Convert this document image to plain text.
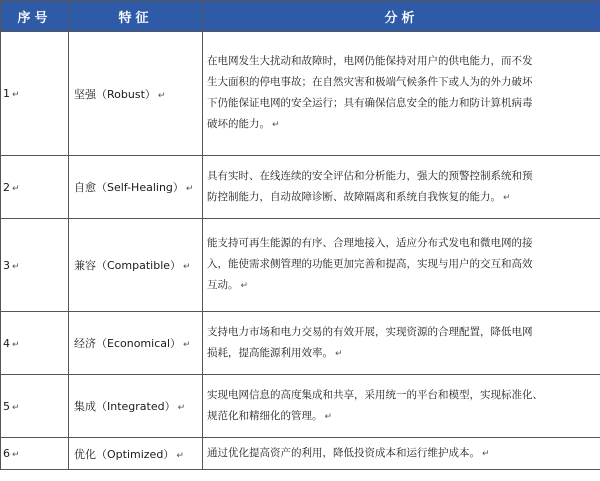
序号	特征	分析
1 ↵	坚强（Robust） ↵	在电网发生大扰动和故障时，电网仍能保持对用户的供电能力，而不发
生大面积的停电事故；在自然灾害和极端气候条件下或人为的外力破坏
下仍能保证电网的安全运行；具有确保信息安全的能力和防计算机病毒
破坏的能力。 ↵
2 ↵	自愈（Self-Healing） ↵	具有实时、在线连续的安全评估和分析能力，强大的预警控制系统和预
防控制能力，自动故障诊断、故障隔离和系统自我恢复的能力。 ↵
3 ↵	兼容（Compatible） ↵	能支持可再生能源的有序、合理地接入，适应分布式发电和微电网的接
入，能使需求侧管理的功能更加完善和提高，实现与用户的交互和高效
互动。 ↵
4 ↵	经济（Economical） ↵	支持电力市场和电力交易的有效开展，实现资源的合理配置，降低电网
损耗，提高能源利用效率。 ↵
5 ↵	集成（Integrated） ↵	实现电网信息的高度集成和共享，采用统一的平台和模型，实现标准化、
规范化和精细化的管理。 ↵
6 ↵	优化（Optimized） ↵	通过优化提高资产的利用，降低投资成本和运行维护成本。 ↵
